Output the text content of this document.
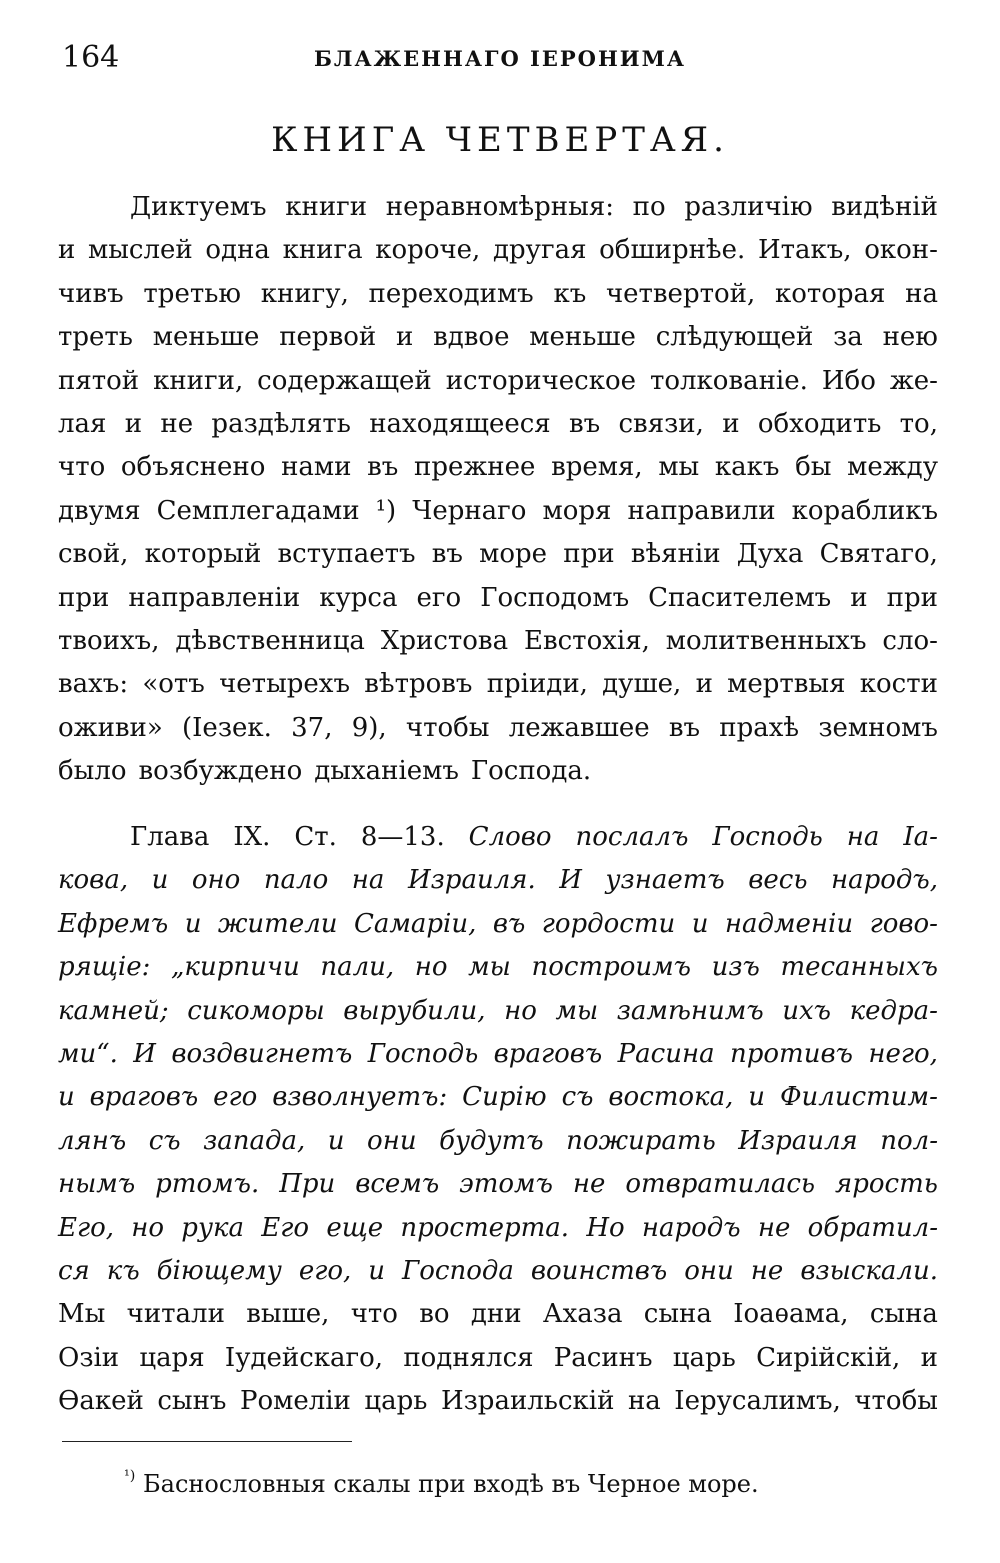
164	БЛАЖЕННАГО ІЕРОНИМА
КНИГА ЧЕТВЕРТАЯ.
Диктуемъ книги неравномѣрныя: по различію видѣній
и мыслей одна книга короче, другая обширнѣе. Итакъ, окон-
чивъ третью книгу, переходимъ къ четвертой, которая на
треть меньше первой и вдвое меньше слѣдующей за нею
пятой книги, содержащей историческое толкованіе. Ибо же-
лая и не раздѣлять находящееся въ связи, и обходить то,
что объяснено нами въ прежнее время, мы какъ бы между
двумя Семплегадами ¹) Чернаго моря направили корабликъ
свой, который вступаетъ въ море при вѣяніи Духа Святаго,
при направленіи курса его Господомъ Спасителемъ и при
твоихъ, дѣвственница Христова Евстохія, молитвенныхъ сло-
вахъ: «отъ четырехъ вѣтровъ пріиди, душе, и мертвыя кости
оживи» (Іезек. 37, 9), чтобы лежавшее въ прахѣ земномъ
было возбуждено дыханіемъ Господа.
Глава IX. Ст. 8—13. Слово послалъ Господь на Іа-
кова, и оно пало на Израиля. И узнаетъ весь народъ,
Ефремъ и жители Самаріи, въ гордости и надменіи гово-
рящіе: „кирпичи пали, но мы построимъ изъ тесанныхъ
камней; сикоморы вырубили, но мы замѣнимъ ихъ кедра-
ми“. И воздвигнетъ Господь враговъ Расина противъ него,
и враговъ его взволнуетъ: Сирію съ востока, и Филистим-
лянъ съ запада, и они будутъ пожирать Израиля пол-
нымъ ртомъ. При всемъ этомъ не отвратилась ярость
Его, но рука Его еще простерта. Но народъ не обратил-
ся къ біющему его, и Господа воинствъ они не взыскали.
Мы читали выше, что во дни Ахаза сына Іоаѳама, сына
Озіи царя Іудейскаго, поднялся Расинъ царь Сирійскій, и
Ѳакей сынъ Ромеліи царь Израильскій на Іерусалимъ, чтобы
$^{^1)}$ Баснословныя скалы при входѣ въ Черное море.
